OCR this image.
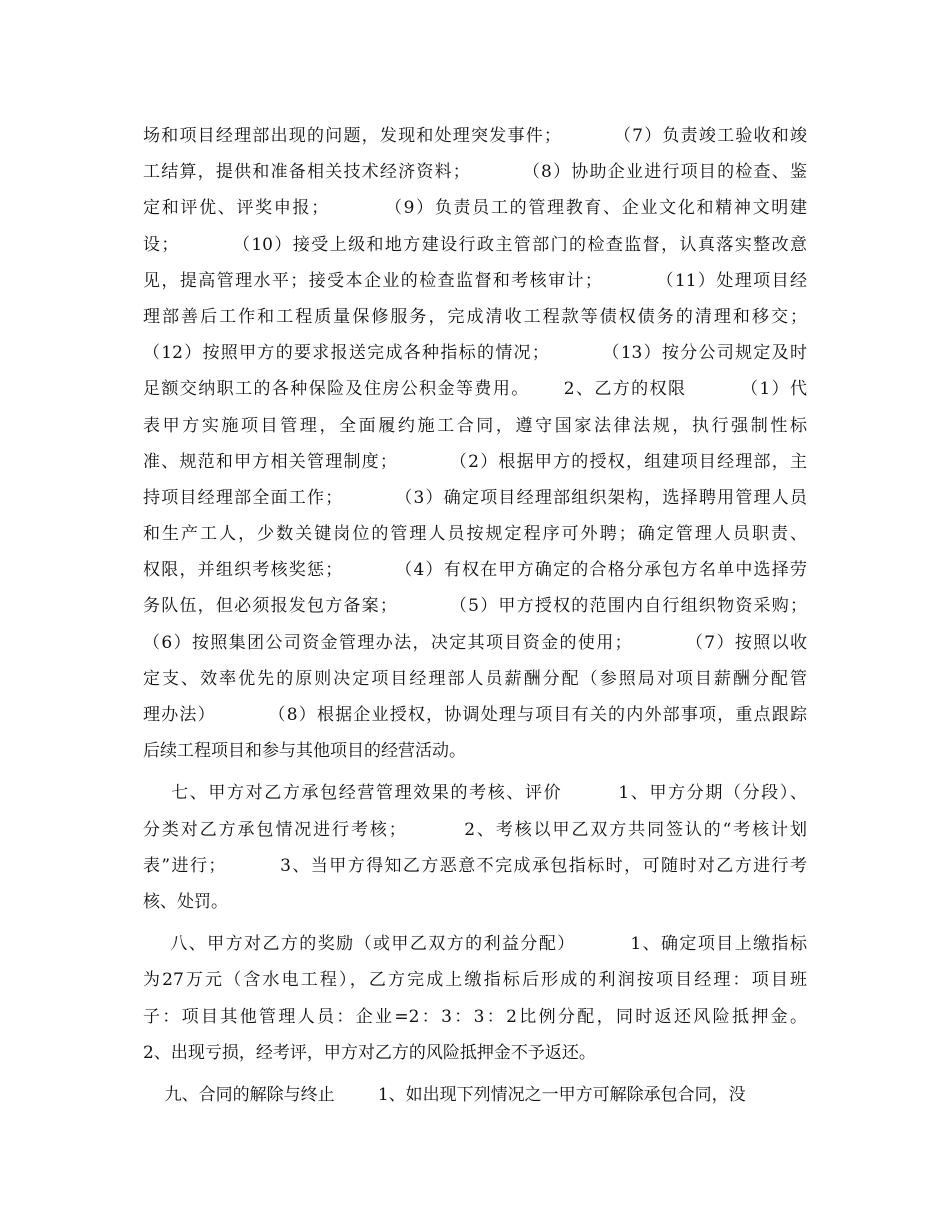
场和项目经理部出现的问题，发现和处理突发事件；        （7）负责竣工验收和竣
工结算，提供和准备相关技术经济资料；        （8）协助企业进行项目的检查、鉴
定和评优、评奖申报；        （9）负责员工的管理教育、企业文化和精神文明建
设；        （10）接受上级和地方建设行政主管部门的检查监督，认真落实整改意
见，提高管理水平；接受本企业的检查监督和考核审计；        （11）处理项目经
理部善后工作和工程质量保修服务，完成清收工程款等债权债务的清理和移交；
（12）按照甲方的要求报送完成各种指标的情况；        （13）按分公司规定及时
足额交纳职工的各种保险及住房公积金等费用。     2、乙方的权限        （1）代
表甲方实施项目管理，全面履约施工合同，遵守国家法律法规，执行强制性标
准、规范和甲方相关管理制度；        （2）根据甲方的授权，组建项目经理部，主
持项目经理部全面工作；        （3）确定项目经理部组织架构，选择聘用管理人员
和生产工人，少数关键岗位的管理人员按规定程序可外聘；确定管理人员职责、
权限，并组织考核奖惩；        （4）有权在甲方确定的合格分承包方名单中选择劳
务队伍，但必须报发包方备案；        （5）甲方授权的范围内自行组织物资采购；
（6）按照集团公司资金管理办法，决定其项目资金的使用；        （7）按照以收
定支、效率优先的原则决定项目经理部人员薪酬分配（参照局对项目薪酬分配管
理办法）        （8）根据企业授权，协调处理与项目有关的内外部事项，重点跟踪
后续工程项目和参与其他项目的经营活动。
七、甲方对乙方承包经营管理效果的考核、评价        1、甲方分期（分段）、
分类对乙方承包情况进行考核；        2、考核以甲乙双方共同签认的“考核计划
表”进行；        3、当甲方得知乙方恶意不完成承包指标时，可随时对乙方进行考
核、处罚。
八、甲方对乙方的奖励（或甲乙双方的利益分配）        1、确定项目上缴指标
为27万元（含水电工程），乙方完成上缴指标后形成的利润按项目经理：项目班
子：项目其他管理人员：企业=2：3：3：2比例分配，同时返还风险抵押金。
2、出现亏损，经考评，甲方对乙方的风险抵押金不予返还。
九、合同的解除与终止        1、如出现下列情况之一甲方可解除承包合同，没
